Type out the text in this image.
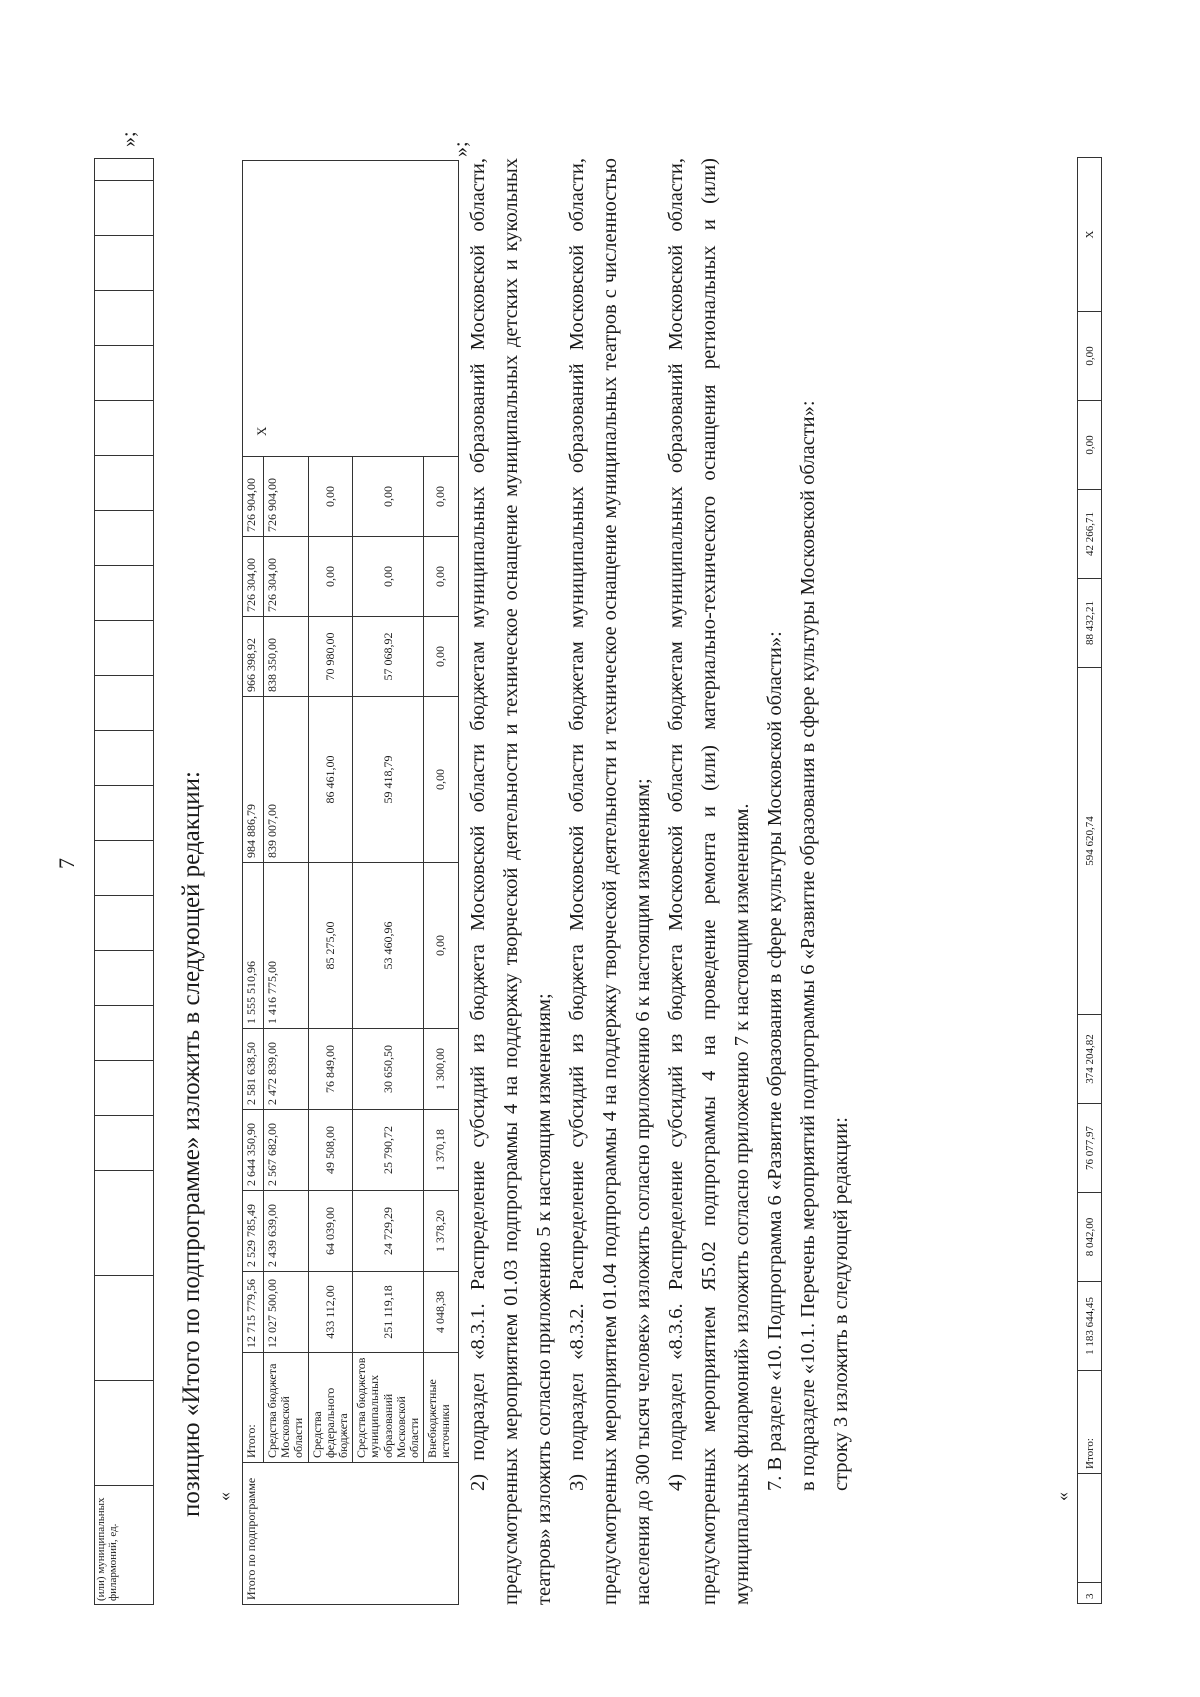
(или) муниципальных филармоний, ед.																						
»;
7	позицию «Итого по подпрограмме» изложить в следующей редакции: « Итого по подпрограмме	Итого:	12 715 779,56	2 529 785,49	2 644 350,90	2 581 638,50	1 555 510,96	984 886,79	966 398,92	726 304,00	726 904,00	Х
	Средства бюджета Московской области	12 027 500,00	2 439 639,00	2 567 682,00	2 472 839,00	1 416 775,00	839 007,00	838 350,00	726 304,00	726 904,00	
	Средства федерального бюджета	433 112,00	64 039,00	49 508,00	76 849,00	85 275,00	86 461,00	70 980,00	0,00	0,00	
	Средства бюджетов муниципальных образований Московской области	251 119,18	24 729,29	25 790,72	30 650,50	53 460,96	59 418,79	57 068,92	0,00	0,00	
	Внебюджетные источники	4 048,38	1 378,20	1 370,18	1 300,00	0,00	0,00	0,00	0,00	0,00	
»;
2) подраздел «8.3.1. Распределение субсидий из бюджета Московской области бюджетам муниципальных образований Московской области, предусмотренных мероприятием 01.03 подпрограммы 4 на поддержку творческой деятельности и техническое оснащение муниципальных детских и кукольных театров» изложить согласно приложению 5 к настоящим изменениям; 3) подраздел «8.3.2. Распределение субсидий из бюджета Московской области бюджетам муниципальных образований Московской области, предусмотренных мероприятием 01.04 подпрограммы 4 на поддержку творческой деятельности и техническое оснащение муниципальных театров с численностью населения до 300 тысяч человек» изложить согласно приложению 6 к настоящим изменениям; 4) подраздел «8.3.6. Распределение субсидий из бюджета Московской области бюджетам муниципальных образований Московской области, предусмотренных мероприятием Я5.02 подпрограммы 4 на проведение ремонта и (или) материально-технического оснащения региональных и (или) муниципальных филармоний» изложить согласно приложению 7 к настоящим изменениям. 7. В разделе «10. Подпрограмма 6 «Развитие образования в сфере культуры Московской области»: в подразделе «10.1. Перечень мероприятий подпрограммы 6 «Развитие образования в сфере культуры Московской области»: строку 3 изложить в следующей редакции:
«
3		Итого:	1 183 644,45	8 042,00	76 077,97	374 204,82	594 620,74	88 432,21	42 266,71	0,00	0,00	Х
